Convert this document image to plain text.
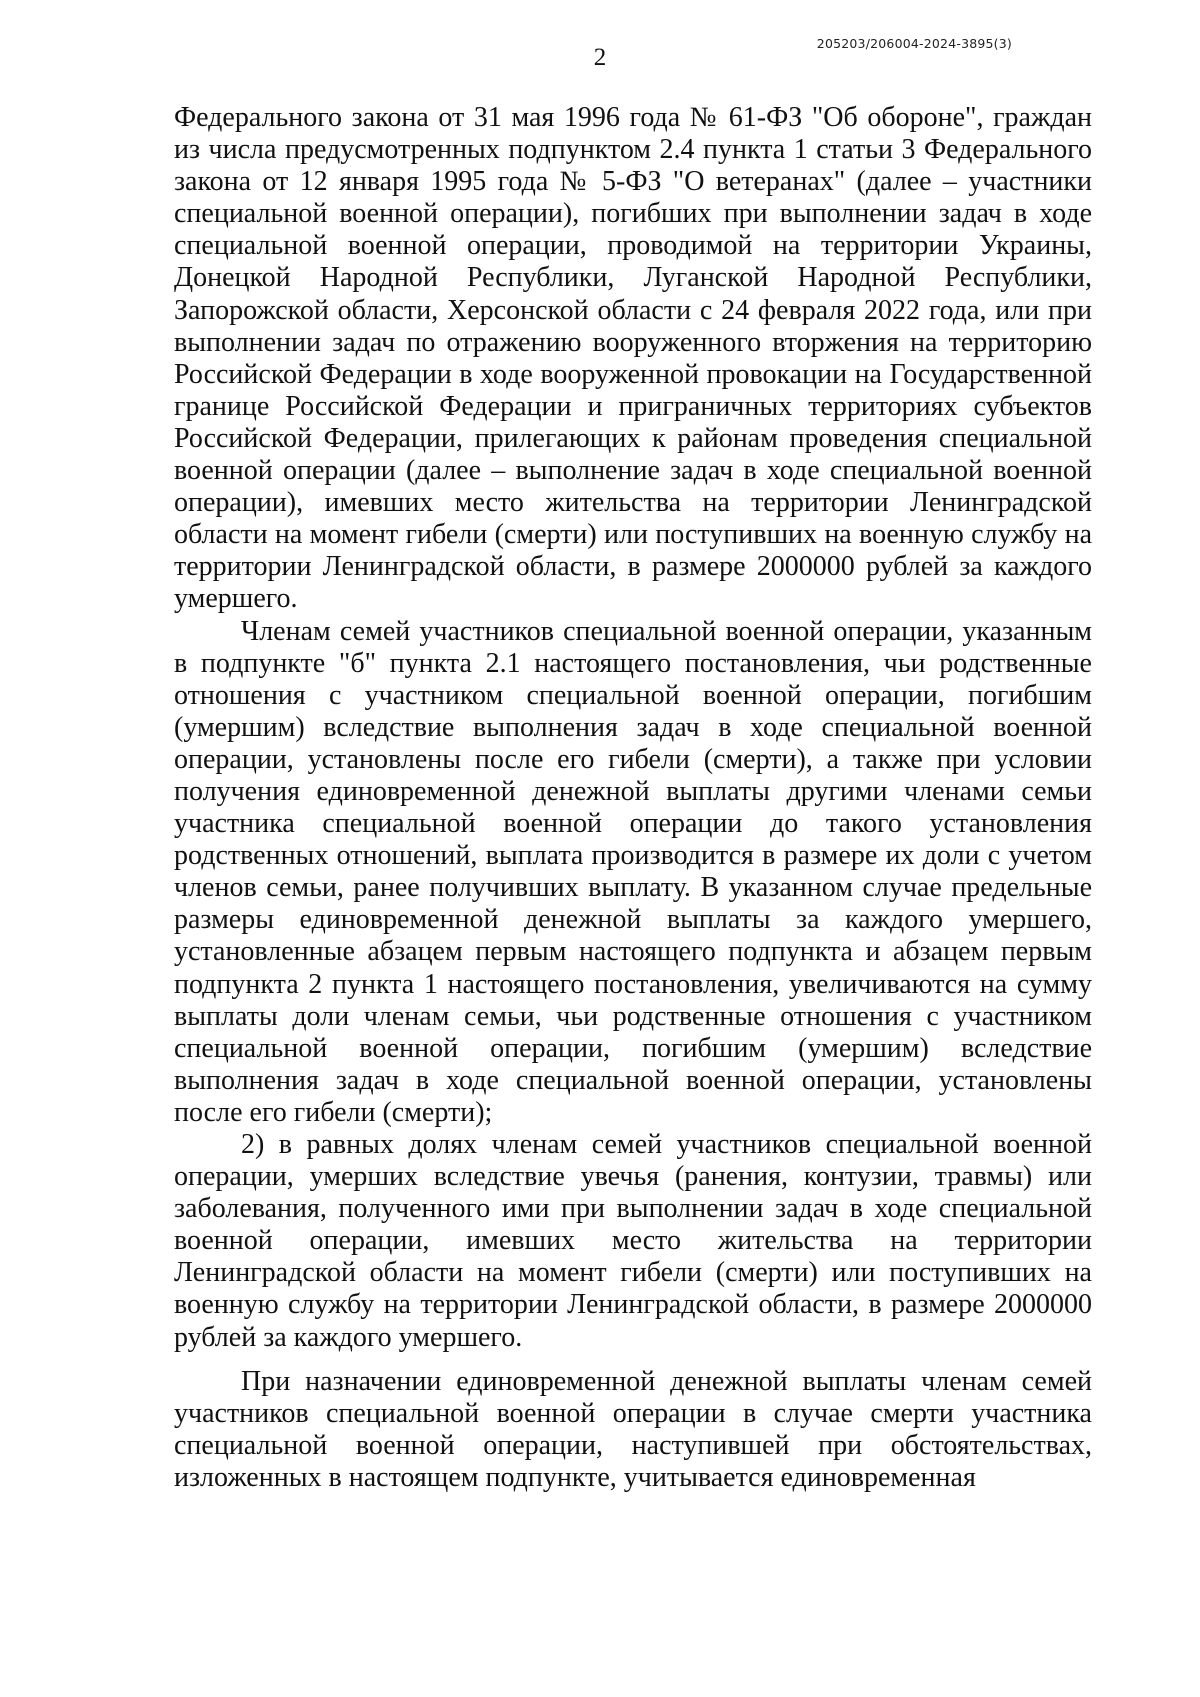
205203/206004-2024-3895(3)
2

Федерального закона от 31 мая 1996 года № 61-ФЗ "Об обороне", граждан из числа предусмотренных подпунктом 2.4 пункта 1 статьи 3 Федерального закона от 12 января 1995 года № 5-ФЗ "О ветеранах" (далее – участники специальной военной операции), погибших при выполнении задач в ходе специальной военной операции, проводимой на территории Украины, Донецкой Народной Республики, Луганской Народной Республики, Запорожской области, Херсонской области с 24 февраля 2022 года, или при выполнении задач по отражению вооруженного вторжения на территорию Российской Федерации в ходе вооруженной провокации на Государственной границе Российской Федерации и приграничных территориях субъектов Российской Федерации, прилегающих к районам проведения специальной военной операции (далее – выполнение задач в ходе специальной военной операции), имевших место жительства на территории Ленинградской области на момент гибели (смерти) или поступивших на военную службу на территории Ленинградской области, в размере 2000000 рублей за каждого умершего.

Членам семей участников специальной военной операции, указанным в подпункте "б" пункта 2.1 настоящего постановления, чьи родственные отношения с участником специальной военной операции, погибшим (умершим) вследствие выполнения задач в ходе специальной военной операции, установлены после его гибели (смерти), а также при условии получения единовременной денежной выплаты другими членами семьи участника специальной военной операции до такого установления родственных отношений, выплата производится в размере их доли с учетом членов семьи, ранее получивших выплату. В указанном случае предельные размеры единовременной денежной выплаты за каждого умершего, установленные абзацем первым настоящего подпункта и абзацем первым подпункта 2 пункта 1 настоящего постановления, увеличиваются на сумму выплаты доли членам семьи, чьи родственные отношения с участником специальной военной операции, погибшим (умершим) вследствие выполнения задач в ходе специальной военной операции, установлены после его гибели (смерти);

2) в равных долях членам семей участников специальной военной операции, умерших вследствие увечья (ранения, контузии, травмы) или заболевания, полученного ими при выполнении задач в ходе специальной военной операции, имевших место жительства на территории Ленинградской области на момент гибели (смерти) или поступивших на военную службу на территории Ленинградской области, в размере 2000000 рублей за каждого умершего.

При назначении единовременной денежной выплаты членам семей участников специальной военной операции в случае смерти участника специальной военной операции, наступившей при обстоятельствах, изложенных в настоящем подпункте, учитывается единовременная
